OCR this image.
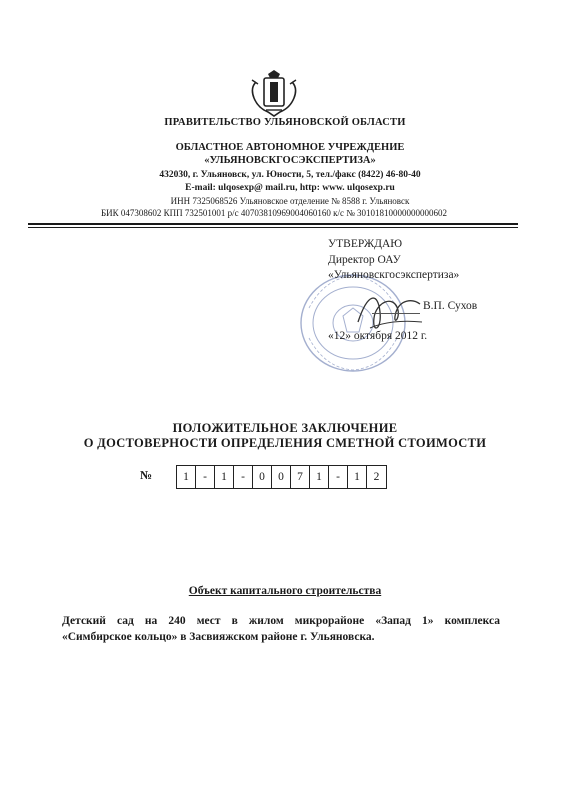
ПРАВИТЕЛЬСТВО УЛЬЯНОВСКОЙ ОБЛАСТИ
ОБЛАСТНОЕ АВТОНОМНОЕ УЧРЕЖДЕНИЕ
«УЛЬЯНОВСКГОСЭКСПЕРТИЗА»
432030, г. Ульяновск, ул. Юности, 5, тел./факс (8422) 46-80-40
E-mail: ulqosexp@ mail.ru, http: www. ulqosexp.ru
ИНН 7325068526 Ульяновское отделение № 8588 г. Ульяновск
БИК 047308602 КПП 732501001 р/с 40703810969004060160 к/с № 30101810000000000602
УТВЕРЖДАЮ
Директор ОАУ
«Ульяновскгосэкспертиза»
В.П. Сухов
«12» октября 2012 г.
ПОЛОЖИТЕЛЬНОЕ ЗАКЛЮЧЕНИЕ
О ДОСТОВЕРНОСТИ ОПРЕДЕЛЕНИЯ СМЕТНОЙ СТОИМОСТИ
№	1	-	1	-	0	0	7	1	-	1	2
Объект капитального строительства
Детский сад на 240 мест в жилом микрорайоне «Запад 1» комплекса
«Симбирское кольцо» в Засвияжском районе г. Ульяновска.
